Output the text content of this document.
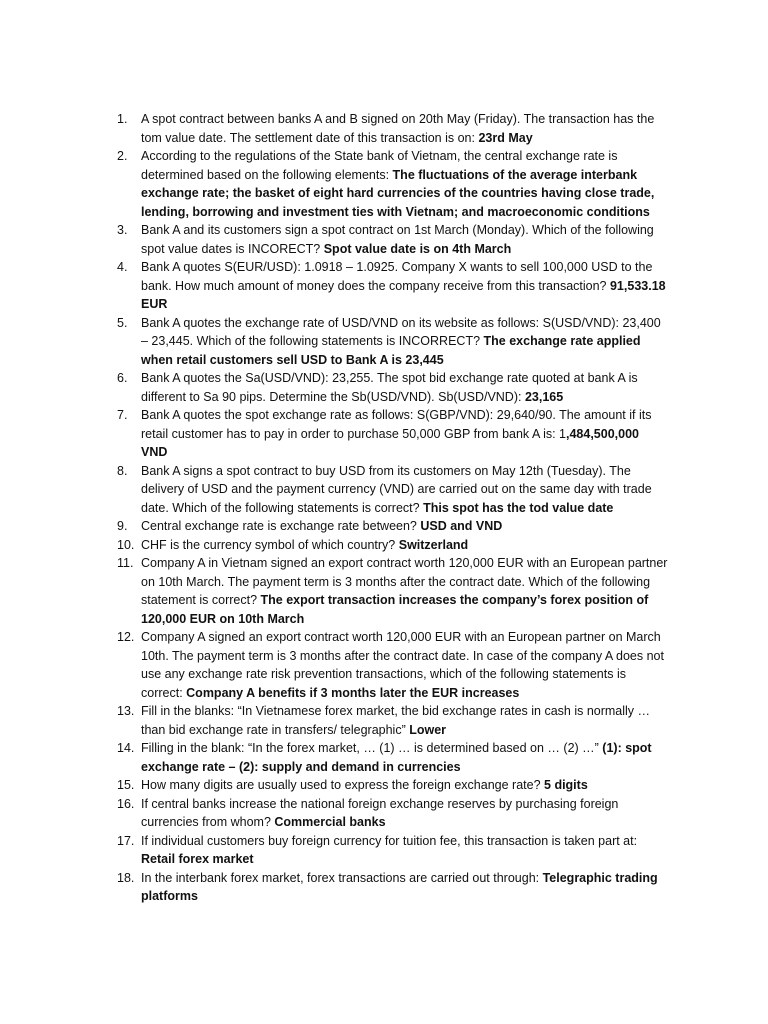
1.	A spot contract between banks A and B signed on 20th May (Friday). The transaction has the tom value date. The settlement date of this transaction is on: 23rd May
2.	According to the regulations of the State bank of Vietnam, the central exchange rate is determined based on the following elements: The fluctuations of the average interbank exchange rate; the basket of eight hard currencies of the countries having close trade, lending, borrowing and investment ties with Vietnam; and macroeconomic conditions
3.	Bank A and its customers sign a spot contract on 1st March (Monday). Which of the following spot value dates is INCORECT? Spot value date is on 4th March
4.	Bank A quotes S(EUR/USD): 1.0918 – 1.0925. Company X wants to sell 100,000 USD to the bank. How much amount of money does the company receive from this transaction? 91,533.18 EUR
5.	Bank A quotes the exchange rate of USD/VND on its website as follows: S(USD/VND): 23,400 – 23,445. Which of the following statements is INCORRECT? The exchange rate applied when retail customers sell USD to Bank A is 23,445
6.	Bank A quotes the Sa(USD/VND): 23,255. The spot bid exchange rate quoted at bank A is different to Sa 90 pips. Determine the Sb(USD/VND). Sb(USD/VND): 23,165
7.	Bank A quotes the spot exchange rate as follows: S(GBP/VND): 29,640/90. The amount if its retail customer has to pay in order to purchase 50,000 GBP from bank A is: 1,484,500,000 VND
8.	Bank A signs a spot contract to buy USD from its customers on May 12th (Tuesday). The delivery of USD and the payment currency (VND) are carried out on the same day with trade date. Which of the following statements is correct? This spot has the tod value date
9.	Central exchange rate is exchange rate between? USD and VND
10. CHF is the currency symbol of which country? Switzerland
11. Company A in Vietnam signed an export contract worth 120,000 EUR with an European partner on 10th March. The payment term is 3 months after the contract date. Which of the following statement is correct? The export transaction increases the company’s forex position of 120,000 EUR on 10th March
12. Company A signed an export contract worth 120,000 EUR with an European partner on March 10th. The payment term is 3 months after the contract date. In case of the company A does not use any exchange rate risk prevention transactions, which of the following statements is correct: Company A benefits if 3 months later the EUR increases
13. Fill in the blanks: “In Vietnamese forex market, the bid exchange rates in cash is normally … than bid exchange rate in transfers/ telegraphic” Lower
14. Filling in the blank: “In the forex market, … (1) … is determined based on … (2) …” (1): spot exchange rate – (2): supply and demand in currencies
15. How many digits are usually used to express the foreign exchange rate? 5 digits
16. If central banks increase the national foreign exchange reserves by purchasing foreign currencies from whom? Commercial banks
17. If individual customers buy foreign currency for tuition fee, this transaction is taken part at: Retail forex market
18. In the interbank forex market, forex transactions are carried out through: Telegraphic trading platforms
